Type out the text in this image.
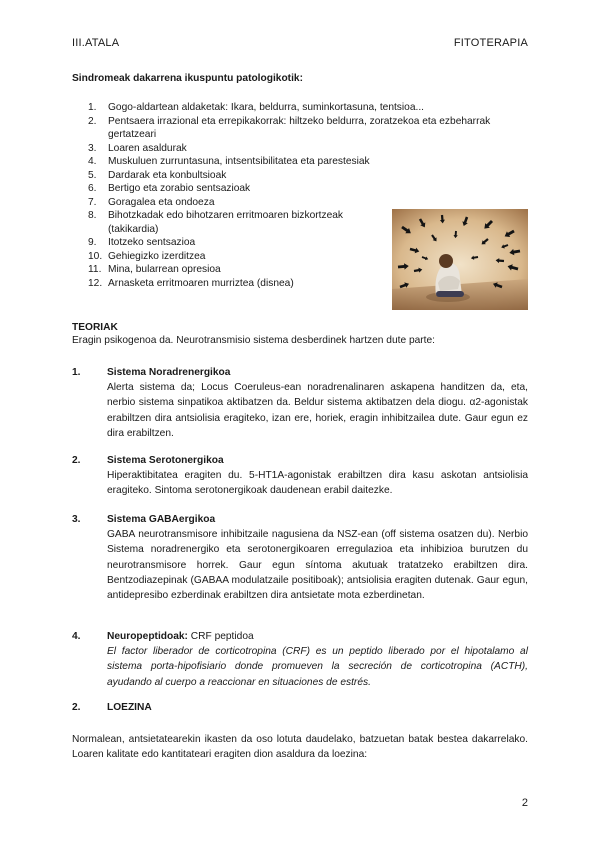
III.ATALA	FITOTERAPIA
Sindromeak dakarrena ikuspuntu patologikotik:
1.	Gogo-aldartean aldaketak: Ikara, beldurra, suminkortasuna, tentsioa...
2.	Pentsaera irrazional eta errepikakorrak: hiltzeko beldurra, zoratzekoa eta ezbeharrak gertatzeari
3.	Loaren asaldurak
4.	Muskuluen zurruntasuna, intsentsibilitatea eta parestesiak
5.	Dardarak eta konbultsioak
6.	Bertigo eta zorabio sentsazioak
7.	Goragalea eta ondoeza
8.	Bihotzkadak edo bihotzaren erritmoaren bizkortzeak (takikardia)
9.	Itotzeko sentsazioa
10. Gehiegizko izerditzea
11. Mina, bularrean opresioa
12. Arnasketa erritmoaren murriztea (disnea)
TEORIAK
Eragin psikogenoa da. Neurotransmisio sistema desberdinek hartzen dute parte:
1.	Sistema Noradrenergikoa
Alerta sistema da; Locus Coeruleus-ean noradrenalinaren askapena handitzen da, eta, nerbio sistema sinpatikoa aktibatzen da. Beldur sistema aktibatzen dela diogu. α2-agonistak erabiltzen dira antsiolisia eragiteko, izan ere, horiek, eragin inhibitzailea dute. Gaur egun ez dira erabiltzen.
2.	Sistema Serotonergikoa
Hiperaktibitatea eragiten du. 5-HT1A-agonistak erabiltzen dira kasu askotan antsiolisia eragiteko. Sintoma serotonergikoak daudenean erabil daitezke.
3.	Sistema GABAergikoa
GABA neurotransmisore inhibitzaile nagusiena da NSZ-ean (off sistema osatzen du). Nerbio Sistema noradrenergiko eta serotonergikoaren erregulazioa eta inhibizioa burutzen du neurotransmisore horrek. Gaur egun síntoma akutuak tratatzeko erabiltzen dira. Bentzodiazepinak (GABAA modulatzaile positiboak); antsiolisia eragiten dutenak. Gaur egun, antidepresibo ezberdinak erabiltzen dira antsietate mota ezberdinetan.
4.	Neuropeptidoak: CRF peptidoa
El factor liberador de corticotropina (CRF) es un peptido liberado por el hipotalamo al sistema porta-hipofisiario donde promueven la secreción de corticotropina (ACTH), ayudando al cuerpo a reaccionar en situaciones de estrés.
2.	LOEZINA
Normalean, antsietatearekin ikasten da oso lotuta daudelako, batzuetan batak bestea dakarrelako. Loaren kalitate edo kantitateari eragiten dion asaldura da loezina:
2
